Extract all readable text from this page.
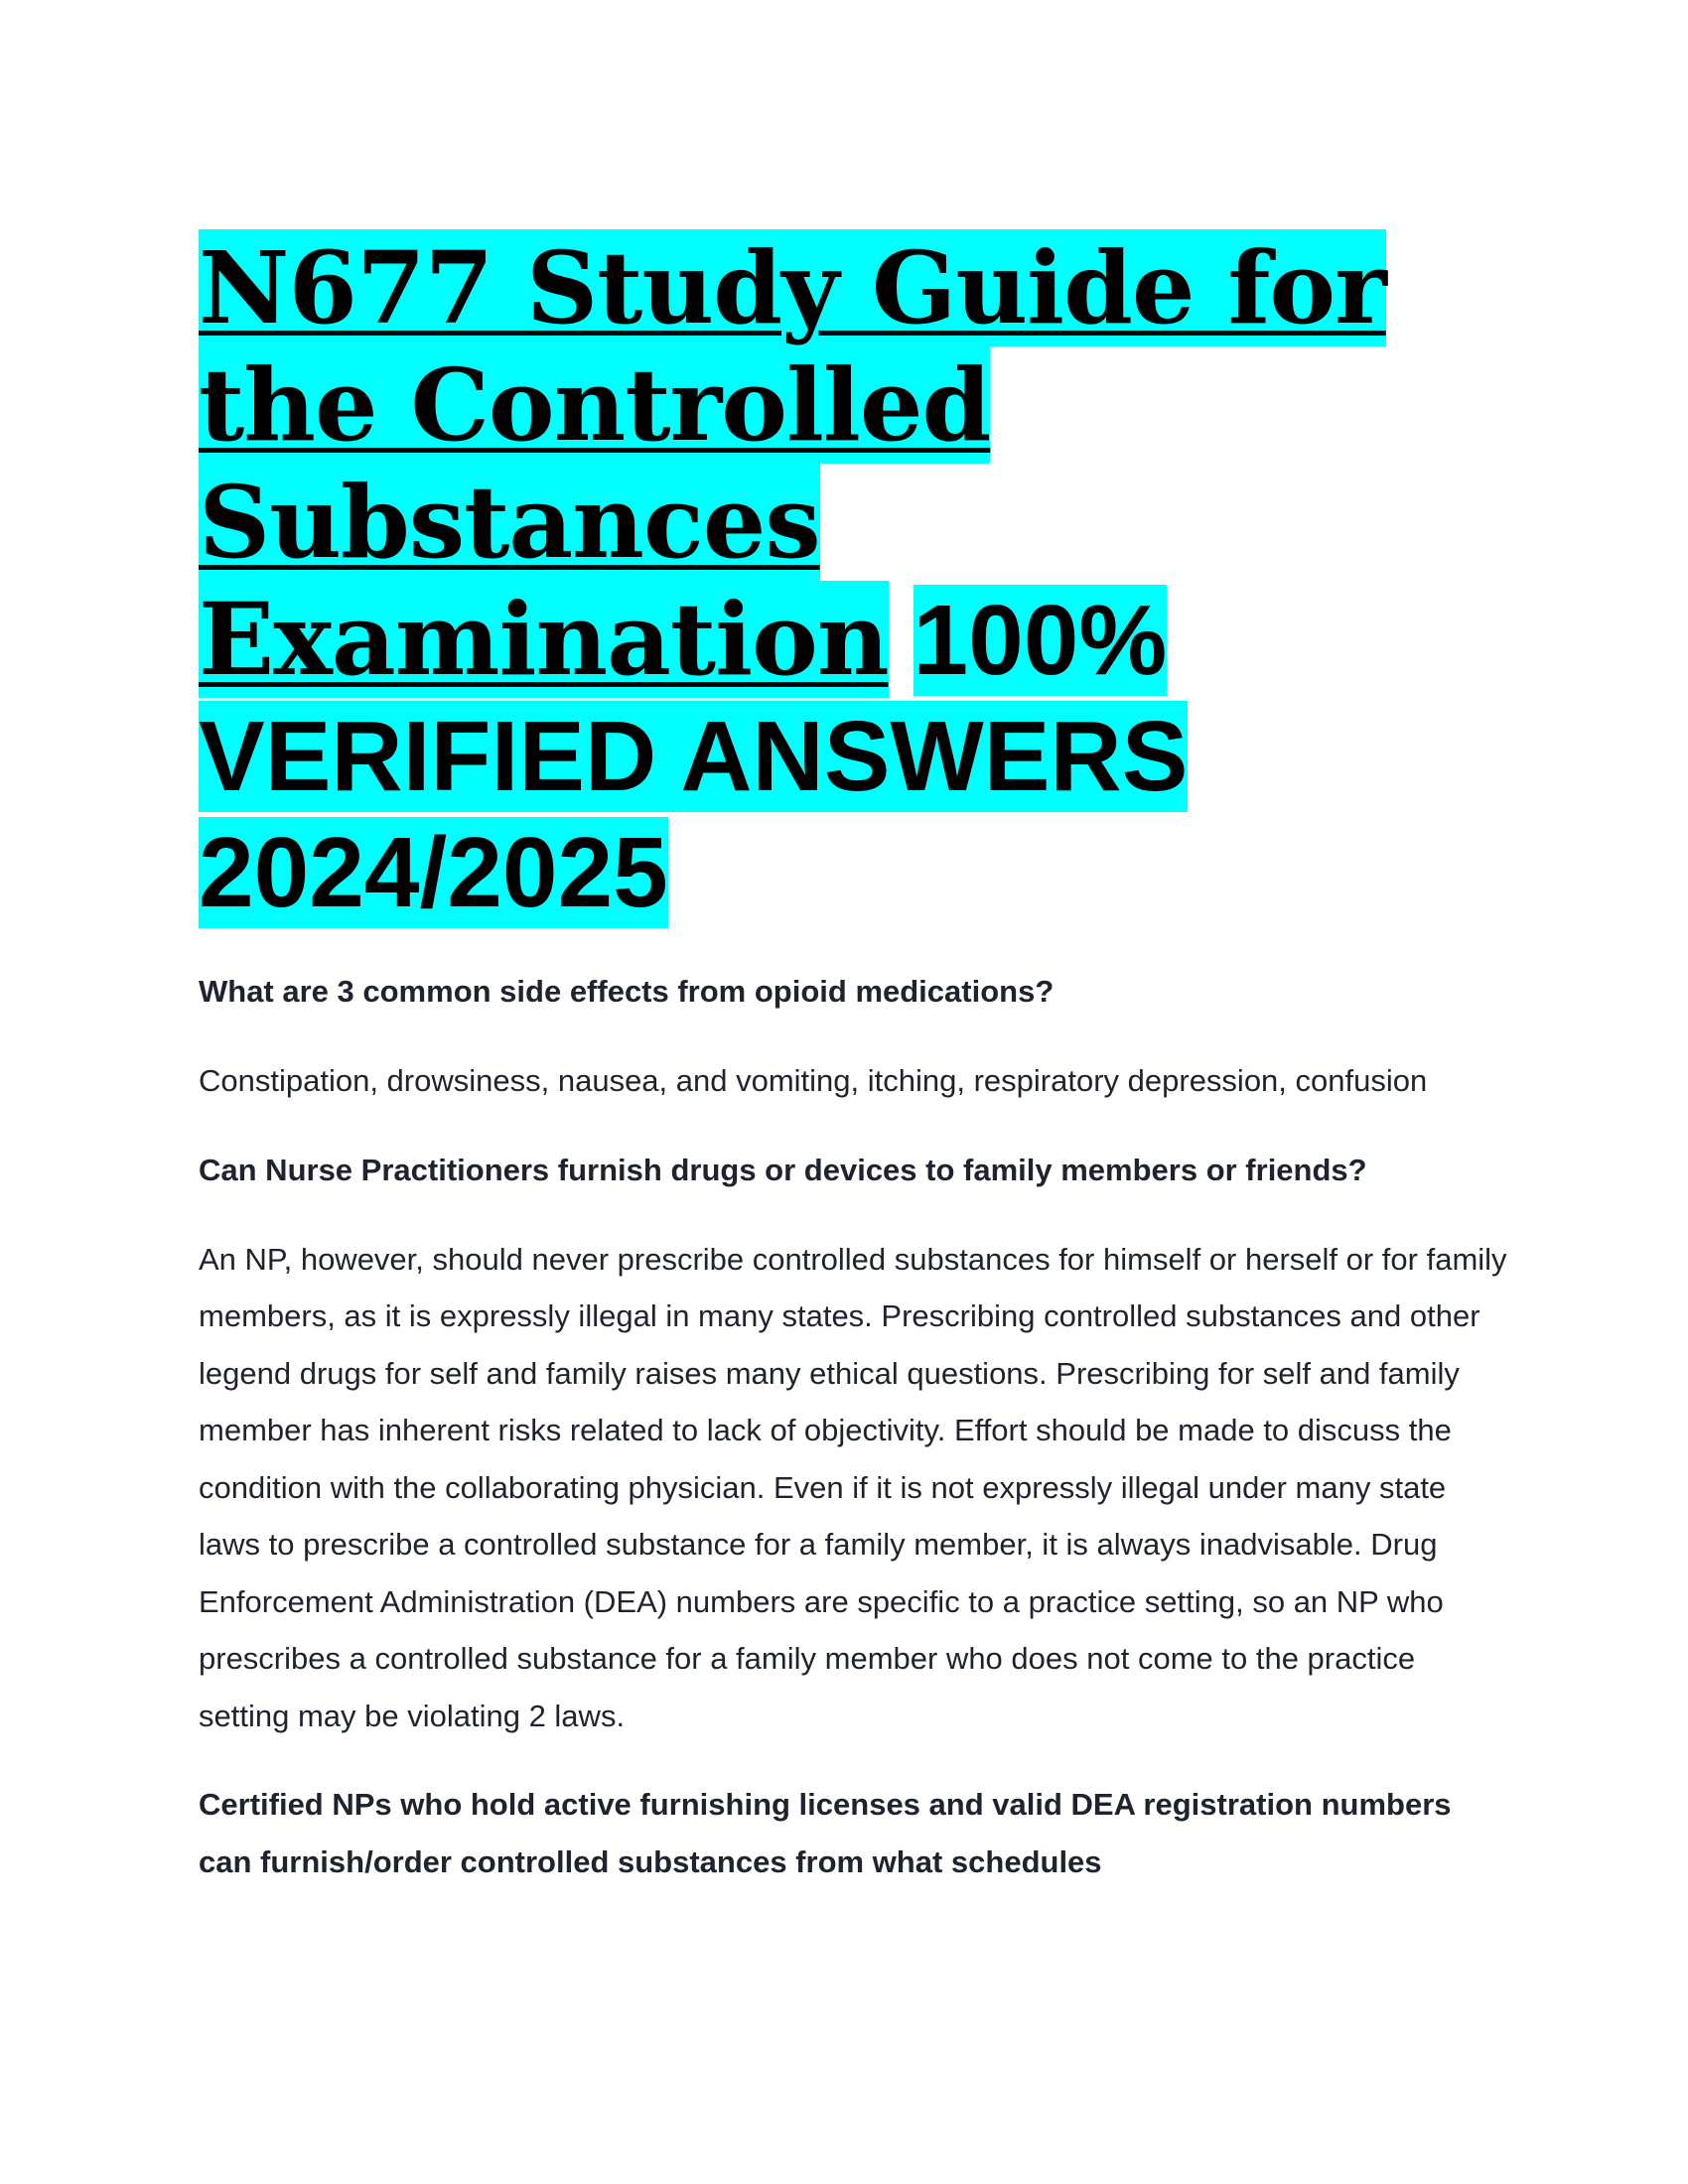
N677 Study Guide for the Controlled Substances Examination 100% VERIFIED ANSWERS 2024/2025

What are 3 common side effects from opioid medications?

Constipation, drowsiness, nausea, and vomiting, itching, respiratory depression, confusion

Can Nurse Practitioners furnish drugs or devices to family members or friends?

An NP, however, should never prescribe controlled substances for himself or herself or for family members, as it is expressly illegal in many states. Prescribing controlled substances and other legend drugs for self and family raises many ethical questions. Prescribing for self and family member has inherent risks related to lack of objectivity. Effort should be made to discuss the condition with the collaborating physician. Even if it is not expressly illegal under many state laws to prescribe a controlled substance for a family member, it is always inadvisable. Drug Enforcement Administration (DEA) numbers are specific to a practice setting, so an NP who prescribes a controlled substance for a family member who does not come to the practice setting may be violating 2 laws.

Certified NPs who hold active furnishing licenses and valid DEA registration numbers can furnish/order controlled substances from what schedules
